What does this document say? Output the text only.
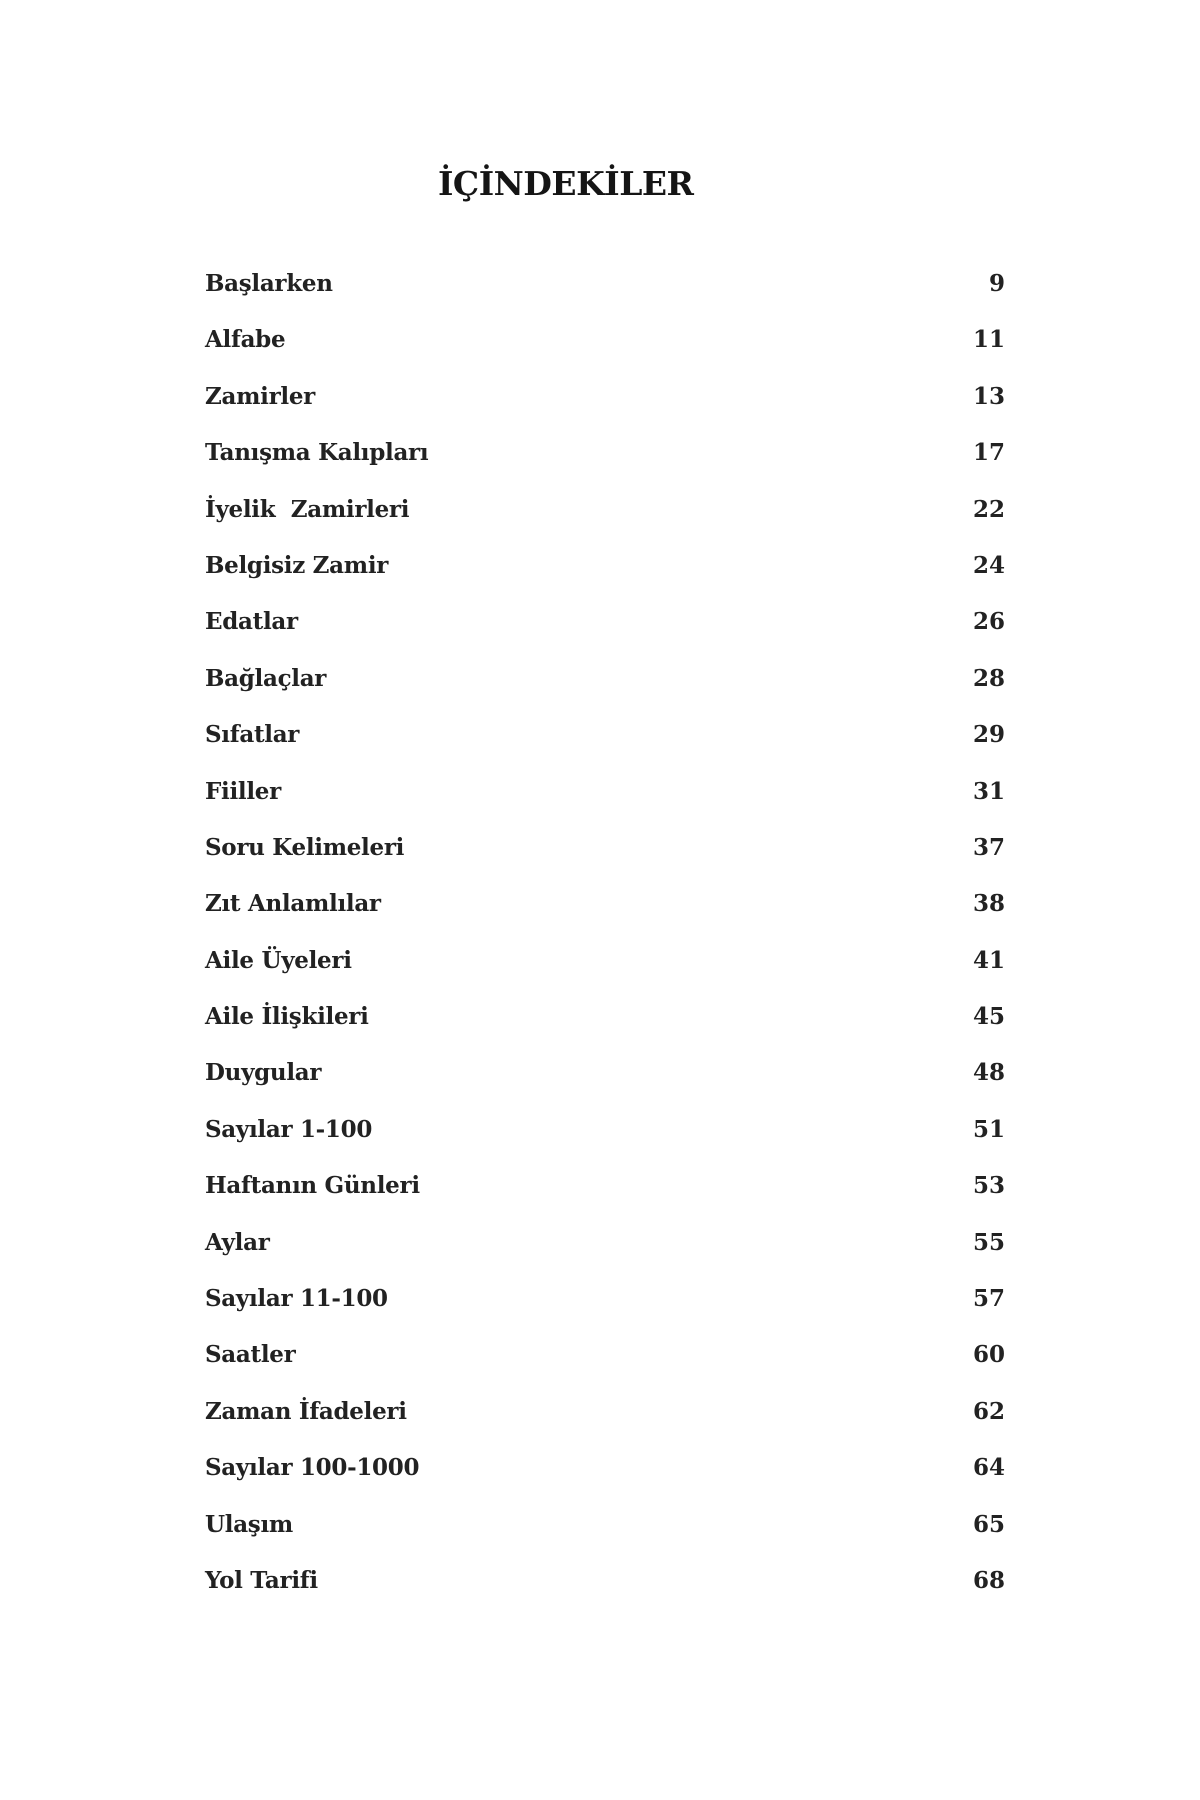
İÇİNDEKİLER
Başlarken	9
Alfabe	11
Zamirler	13
Tanışma Kalıpları	17
İyelik  Zamirleri	22
Belgisiz Zamir	24
Edatlar	26
Bağlaçlar	28
Sıfatlar	29
Fiiller	31
Soru Kelimeleri	37
Zıt Anlamlılar	38
Aile Üyeleri	41
Aile İlişkileri	45
Duygular	48
Sayılar 1-100	51
Haftanın Günleri	53
Aylar	55
Sayılar 11-100	57
Saatler	60
Zaman İfadeleri	62
Sayılar 100-1000	64
Ulaşım	65
Yol Tarifi	68
